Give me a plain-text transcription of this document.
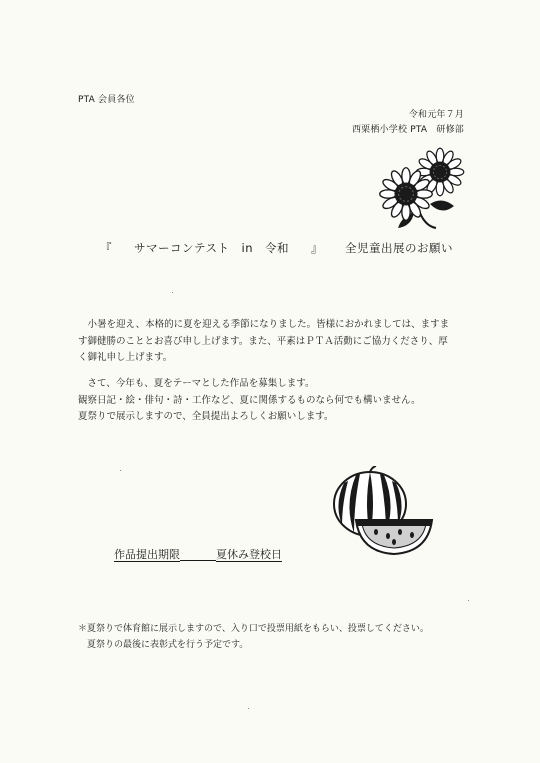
PTA 会員各位
令和元年７月
西栗栖小学校 PTA　研修部
『 サマーコンテスト　in　令和 』 全児童出展のお願い
　小暑を迎え、本格的に夏を迎える季節になりました。皆様におかれましては、ますま
す御健勝のこととお喜び申し上げます。また、平素はＰＴＡ活動にご協力くださり、厚
く御礼申し上げます。
　さて、今年も、夏をテーマとした作品を募集します。
観察日記・絵・俳句・詩・工作など、夏に関係するものなら何でも構いません。
夏祭りで展示しますので、全員提出よろしくお願いします。
作品提出期限	夏休み登校日
＊夏祭りで体育館に展示しますので、入り口で投票用紙をもらい、投票してください。
　夏祭りの最後に表彰式を行う予定です。
